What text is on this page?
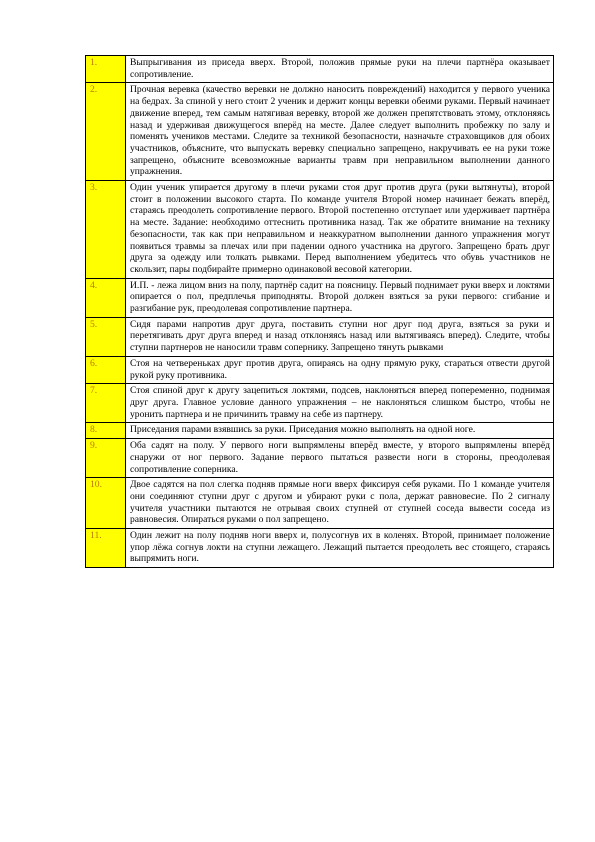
1.	Выпрыгивания из приседа вверх. Второй, положив прямые руки на плечи партнёра оказывает сопротивление.
2.	Прочная веревка (качество веревки не должно наносить повреждений) находится у первого ученика на бедрах. За спиной у него стоит 2 ученик и держит концы веревки обеими руками. Первый начинает движение вперед, тем самым натягивая веревку, второй же должен препятствовать этому, отклоняясь назад и удерживая движущегося вперёд на месте. Далее следует выполнить пробежку по залу и поменять учеников местами. Следите за техникой безопасности, назначьте страховщиков для обоих участников, объясните, что выпускать веревку специально запрещено, накручивать ее на руки тоже запрещено, объясните всевозможные варианты травм при неправильном выполнении данного упражнения.
3.	Один ученик упирается другому в плечи руками стоя друг против друга (руки вытянуты), второй стоит в положении высокого старта. По команде учителя Второй номер начинает бежать вперёд, стараясь преодолеть сопротивление первого. Второй постепенно отступает или удерживает партнёра на месте. Задание: необходимо оттеснить противника назад. Так же обратите внимание на технику безопасности, так как при неправильном и неаккуратном выполнении данного упражнения могут появиться травмы за плечах или при падении одного участника на другого. Запрещено брать друг друга за одежду или толкать рывками. Перед выполнением убедитесь что обувь участников не скользит, пары подбирайте примерно одинаковой весовой категории.
4.	И.П. - лежа лицом вниз на полу, партнёр садит на поясницу. Первый поднимает руки вверх и локтями опирается о пол, предплечья приподняты. Второй должен взяться за руки первого: сгибание и разгибание рук, преодолевая сопротивление партнера.
5.	Сидя парами напротив друг друга, поставить ступни ног друг под друга, взяться за руки и перетягивать друг друга вперед и назад отклоняясь назад или вытягиваясь вперед). Следите, чтобы ступни партнеров не наносили травм сопернику. Запрещено тянуть рывками
6.	Стоя на четвереньках друг против друга, опираясь на одну прямую руку, стараться отвести другой рукой руку противника.
7.	Стоя спиной друг к другу зацепиться локтями, подсев, наклоняться вперед попеременно, поднимая друг друга. Главное условие данного упражнения – не наклоняться слишком быстро, чтобы не уронить партнера и не причинить травму на себе из партнеру.
8.	Приседания парами взявшись за руки. Приседания можно выполнять на одной ноге.
9.	Оба садят на полу. У первого ноги выпрямлены вперёд вместе, у второго выпрямлены вперёд снаружи от ног первого. Задание первого пытаться развести ноги в стороны, преодолевая сопротивление соперника.
10.	Двое садятся на пол слегка подняв прямые ноги вверх фиксируя себя руками. По 1 команде учителя они соединяют ступни друг с другом и убирают руки с пола, держат равновесие. По 2 сигналу учителя участники пытаются не отрывая своих ступней от ступней соседа вывести соседа из равновесия. Опираться руками о пол запрещено.
11.	Один лежит на полу подняв ноги вверх и, полусогнув их в коленях. Второй, принимает положение упор лёжа согнув локти на ступни лежащего. Лежащий пытается преодолеть вес стоящего, стараясь выпрямить ноги.
